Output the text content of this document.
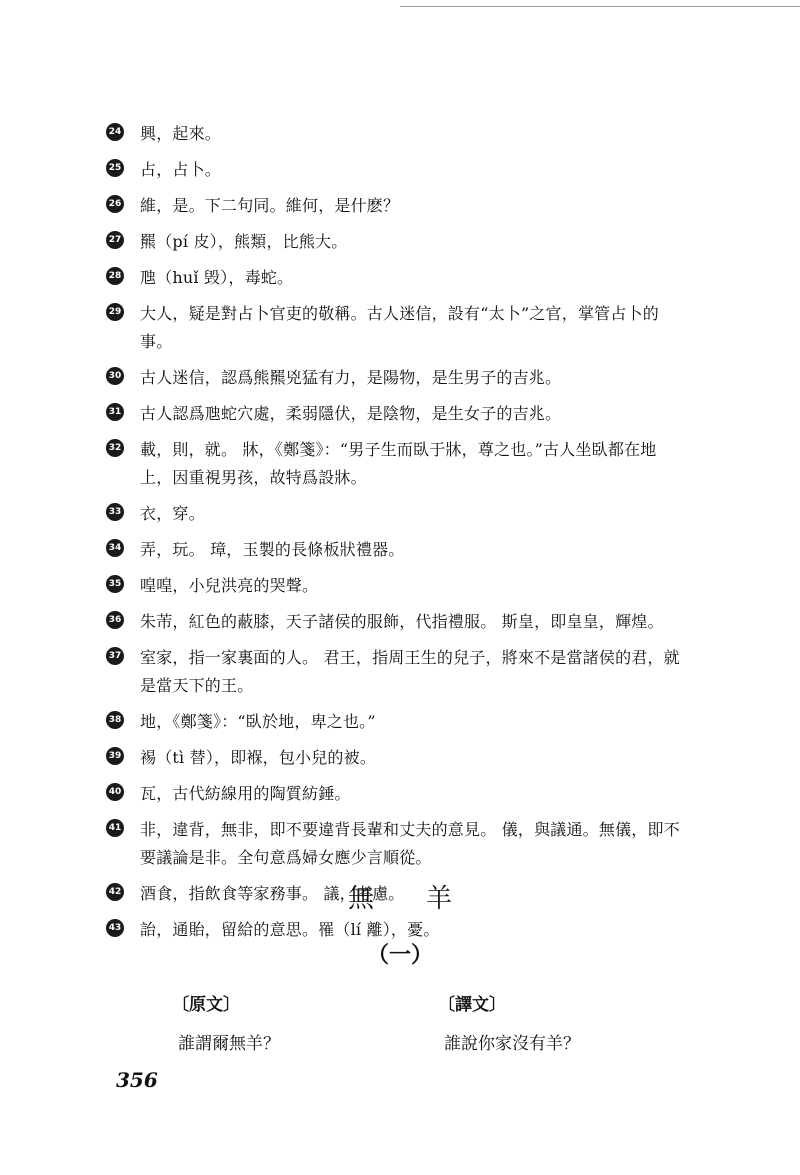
24 興，起來。
25 占，占卜。
26 維，是。下二句同。維何，是什麽？
27 羆（pí 皮），熊類，比熊大。
28 虺（huǐ 毁），毒蛇。
29 大人，疑是對占卜官吏的敬稱。古人迷信，設有“太卜”之官，掌管占卜的事。
30 古人迷信，認爲熊羆兇猛有力，是陽物，是生男子的吉兆。
31 古人認爲虺蛇穴處，柔弱隱伏，是陰物，是生女子的吉兆。
32 載，則，就。 牀，《鄭箋》：“男子生而臥于牀，尊之也。”古人坐臥都在地上，因重視男孩，故特爲設牀。
33 衣，穿。
34 弄，玩。 璋，玉製的長條板狀禮器。
35 喤喤，小兒洪亮的哭聲。
36 朱芾，紅色的蔽膝，天子諸侯的服飾，代指禮服。 斯皇，即皇皇，輝煌。
37 室家，指一家裏面的人。 君王，指周王生的兒子，將來不是當諸侯的君，就是當天下的王。
38 地，《鄭箋》：“臥於地，卑之也。”
39 裼（tì 替），即褓，包小兒的被。
40 瓦，古代紡線用的陶質紡錘。
41 非，違背，無非，即不要違背長輩和丈夫的意見。 儀，與議通。無儀，即不要議論是非。全句意爲婦女應少言順從。
42 酒食，指飲食等家務事。 議，考慮。
43 詒，通貽，留給的意思。罹（lí 離），憂。
無羊
（一）
〔原文〕
誰謂爾無羊？
〔譯文〕
誰說你家沒有羊？
356
